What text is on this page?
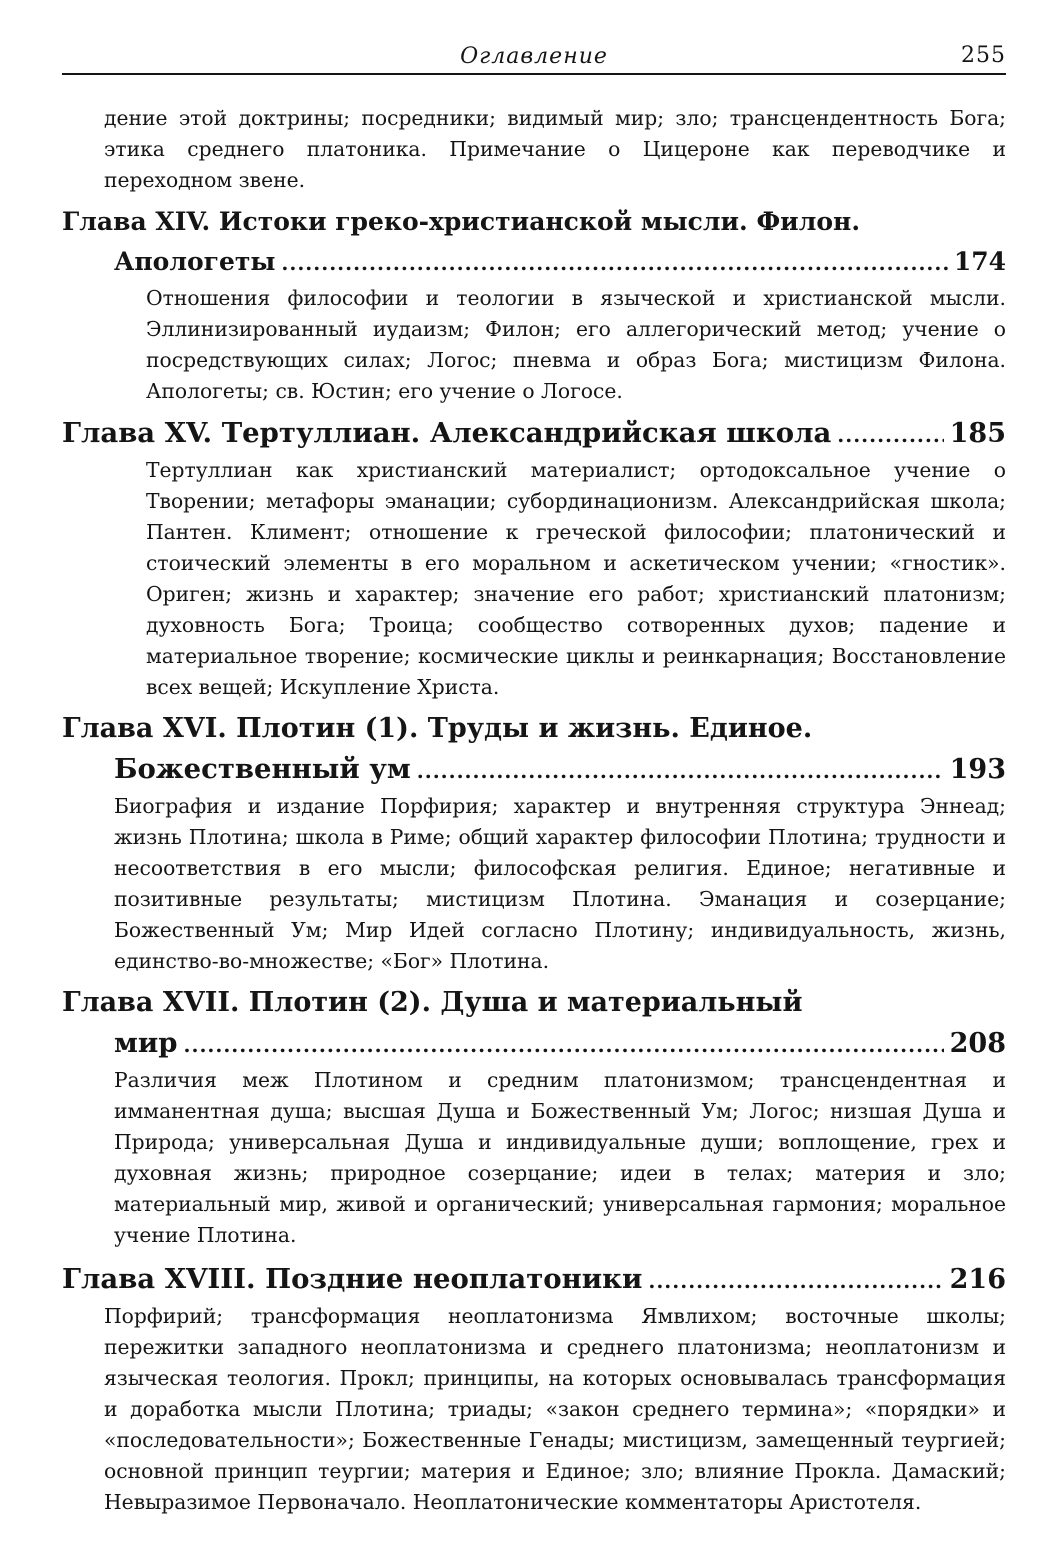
Оглавление	255

дение этой доктрины; посредники; видимый мир; зло; трансцендентность Бога; этика среднего платоника. Примечание о Цицероне как переводчике и переходном звене.

Глава XIV. Истоки греко-христианской мысли. Филон.
Апологеты .....	174

Отношения философии и теологии в языческой и христианской мысли. Эллинизированный иудаизм; Филон; его аллегорический метод; учение о посредствующих силах; Логос; пневма и образ Бога; мистицизм Филона. Апологеты; св. Юстин; его учение о Логосе.

Глава XV. Тертуллиан. Александрийская школа .....	185

Тертуллиан как христианский материалист; ортодоксальное учение о Творении; метафоры эманации; субординационизм. Александрийская школа; Пантен. Климент; отношение к греческой философии; платонический и стоический элементы в его моральном и аскетическом учении; «гностик». Ориген; жизнь и характер; значение его работ; христианский платонизм; духовность Бога; Троица; сообщество сотворенных духов; падение и материальное творение; космические циклы и реинкарнация; Восстановление всех вещей; Искупление Христа.

Глава XVI. Плотин (1). Труды и жизнь. Единое.
Божественный ум .....	193

Биография и издание Порфирия; характер и внутренняя структура Эннеад; жизнь Плотина; школа в Риме; общий характер философии Плотина; трудности и несоответствия в его мысли; философская религия. Единое; негативные и позитивные результаты; мистицизм Плотина. Эманация и созерцание; Божественный Ум; Мир Идей согласно Плотину; индивидуальность, жизнь, единство-во-множестве; «Бог» Плотина.

Глава XVII. Плотин (2). Душа и материальный
мир .....	208

Различия меж Плотином и средним платонизмом; трансцендентная и имманентная душа; высшая Душа и Божественный Ум; Логос; низшая Душа и Природа; универсальная Душа и индивидуальные души; воплощение, грех и духовная жизнь; природное созерцание; идеи в телах; материя и зло; материальный мир, живой и органический; универсальная гармония; моральное учение Плотина.

Глава XVIII. Поздние неоплатоники .....	216

Порфирий; трансформация неоплатонизма Ямвлихом; восточные школы; пережитки западного неоплатонизма и среднего платонизма; неоплатонизм и языческая теология. Прокл; принципы, на которых основывалась трансформация и доработка мысли Плотина; триады; «закон среднего термина»; «порядки» и «последовательности»; Божественные Генады; мистицизм, замещенный теургией; основной принцип теургии; материя и Единое; зло; влияние Прокла. Дамаский; Невыразимое Первоначало. Неоплатонические комментаторы Аристотеля.
